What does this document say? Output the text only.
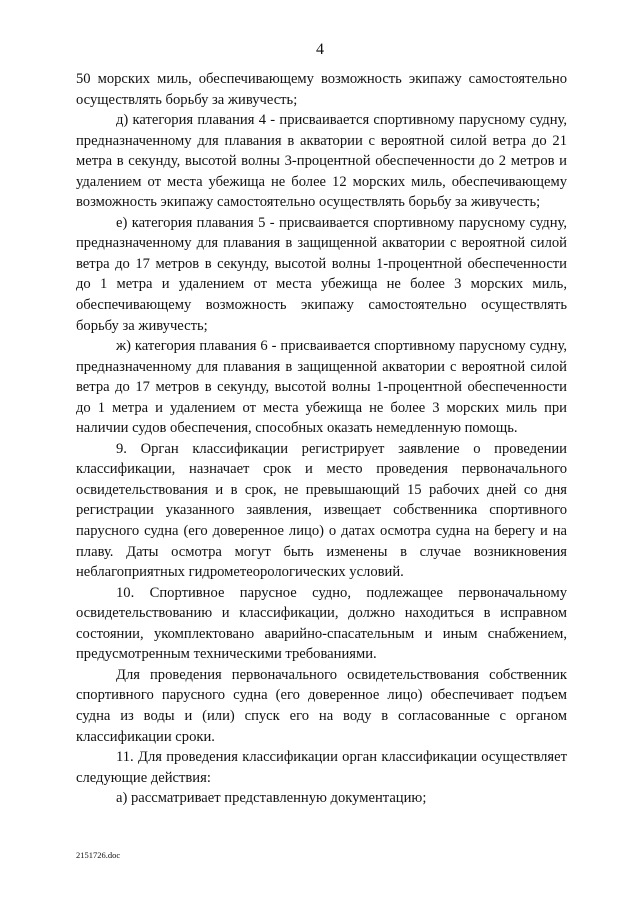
4

50 морских миль, обеспечивающему возможность экипажу самостоятельно осуществлять борьбу за живучесть;

д) категория плавания 4 - присваивается спортивному парусному судну, предназначенному для плавания в акватории с вероятной силой ветра до 21 метра в секунду, высотой волны 3-процентной обеспеченности до 2 метров и удалением от места убежища не более 12 морских миль, обеспечивающему возможность экипажу самостоятельно осуществлять борьбу за живучесть;

е) категория плавания 5 - присваивается спортивному парусному судну, предназначенному для плавания в защищенной акватории с вероятной силой ветра до 17 метров в секунду, высотой волны 1-процентной обеспеченности до 1 метра и удалением от места убежища не более 3 морских миль, обеспечивающему возможность экипажу самостоятельно осуществлять борьбу за живучесть;

ж) категория плавания 6 - присваивается спортивному парусному судну, предназначенному для плавания в защищенной акватории с вероятной силой ветра до 17 метров в секунду, высотой волны 1-процентной обеспеченности до 1 метра и удалением от места убежища не более 3 морских миль при наличии судов обеспечения, способных оказать немедленную помощь.

9. Орган классификации регистрирует заявление о проведении классификации, назначает срок и место проведения первоначального освидетельствования и в срок, не превышающий 15 рабочих дней со дня регистрации указанного заявления, извещает собственника спортивного парусного судна (его доверенное лицо) о датах осмотра судна на берегу и на плаву. Даты осмотра могут быть изменены в случае возникновения неблагоприятных гидрометеорологических условий.

10. Спортивное парусное судно, подлежащее первоначальному освидетельствованию и классификации, должно находиться в исправном состоянии, укомплектовано аварийно-спасательным и иным снабжением, предусмотренным техническими требованиями.

Для проведения первоначального освидетельствования собственник спортивного парусного судна (его доверенное лицо) обеспечивает подъем судна из воды и (или) спуск его на воду в согласованные с органом классификации сроки.

11. Для проведения классификации орган классификации осуществляет следующие действия:

а) рассматривает представленную документацию;

2151726.doc
